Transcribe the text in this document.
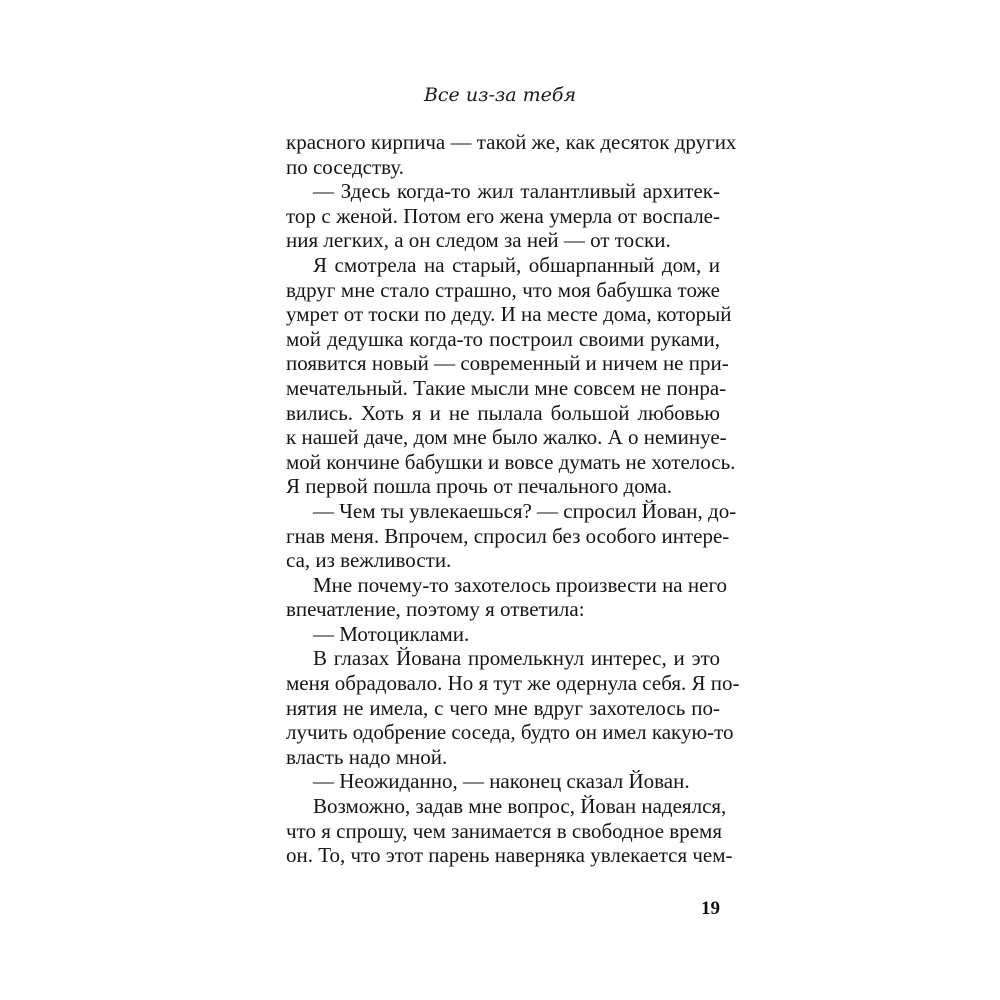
Все из-за тебя

красного кирпича — такой же, как десяток других
по соседству.
— Здесь когда-то жил талантливый архитек-
тор с женой. Потом его жена умерла от воспале-
ния легких, а он следом за ней — от тоски.
Я смотрела на старый, обшарпанный дом, и
вдруг мне стало страшно, что моя бабушка тоже
умрет от тоски по деду. И на месте дома, который
мой дедушка когда-то построил своими руками,
появится новый — современный и ничем не при-
мечательный. Такие мысли мне совсем не понра-
вились. Хоть я и не пылала большой любовью
к нашей даче, дом мне было жалко. А о неминуе-
мой кончине бабушки и вовсе думать не хотелось.
Я первой пошла прочь от печального дома.
— Чем ты увлекаешься? — спросил Йован, до-
гнав меня. Впрочем, спросил без особого интере-
са, из вежливости.
Мне почему-то захотелось произвести на него
впечатление, поэтому я ответила:
— Мотоциклами.
В глазах Йована промелькнул интерес, и это
меня обрадовало. Но я тут же одернула себя. Я по-
нятия не имела, с чего мне вдруг захотелось по-
лучить одобрение соседа, будто он имел какую-то
власть надо мной.
— Неожиданно, — наконец сказал Йован.
Возможно, задав мне вопрос, Йован надеялся,
что я спрошу, чем занимается в свободное время
он. То, что этот парень наверняка увлекается чем-

19
